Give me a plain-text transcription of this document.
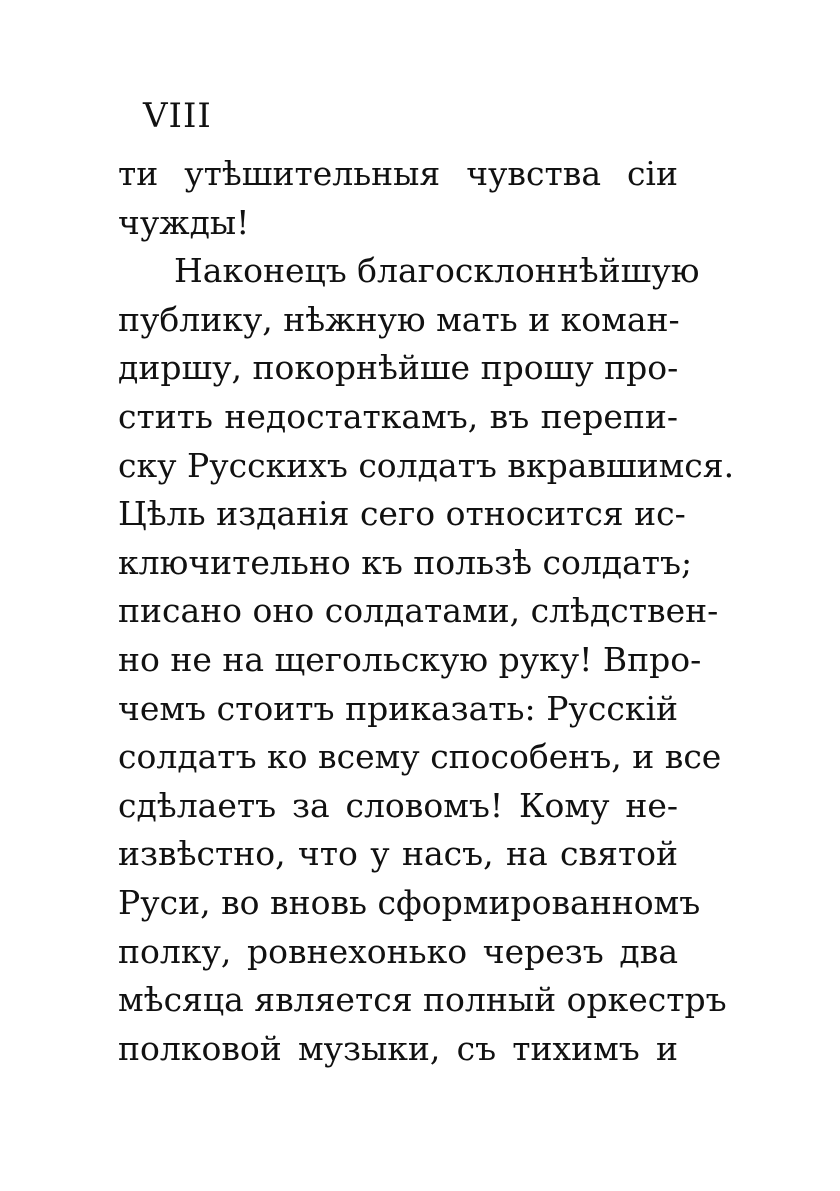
VIII
ти утѣшительныя чувства сіи
чужды!
Наконецъ благосклоннѣйшую
публику, нѣжную мать и коман-
диршу, покорнѣйше прошу про-
стить недостаткамъ, въ перепи-
ску Русскихъ солдатъ вкравшимся.
Цѣль изданія сего относится ис-
ключительно къ пользѣ солдатъ;
писано оно солдатами, слѣдствен-
но не на щегольскую руку! Впро-
чемъ стоитъ приказать: Русскій
солдатъ ко всему способенъ, и все
сдѣлаетъ за словомъ! Кому не-
извѣстно, что у насъ, на святой
Руси, во вновь сформированномъ
полку, ровнехонько черезъ два
мѣсяца является полный оркестръ
полковой музыки, съ тихимъ и
